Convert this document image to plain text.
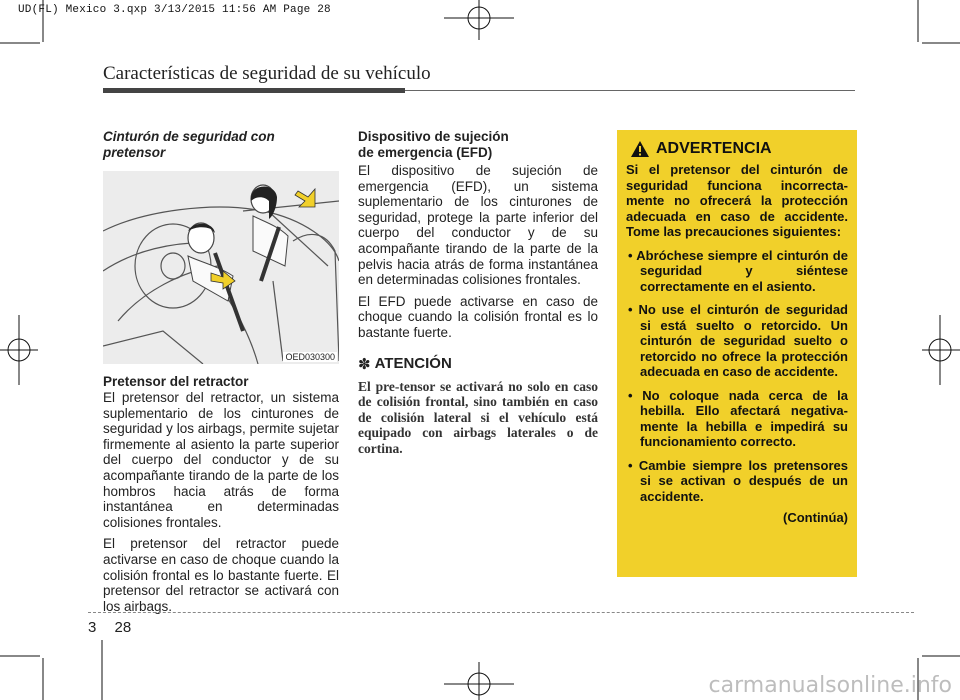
UD(FL) Mexico 3.qxp 3/13/2015 11:56 AM Page 28
Características de seguridad de su vehículo
Cinturón de seguridad con pretensor
OED030300
Pretensor del retractor

El pretensor del retractor, un sistema suplementario de los cinturones de seguridad y los airbags, permite sujetar firmemente al asiento la parte superior del cuerpo del conductor y de su acompañante tirando de la parte de los hombros hacia atrás de forma instantánea en determinadas colisiones frontales.

El pretensor del retractor puede activarse en caso de choque cuando la colisión frontal es lo bastante fuerte. El pretensor del retractor se activará con los airbags.

Dispositivo de sujeción
de emergencia (EFD)

El dispositivo de sujeción de emergencia (EFD), un sistema suplementario de los cinturones de seguridad, protege la parte inferior del cuerpo del conductor y de su acompañante tirando de la parte de la pelvis hacia atrás de forma instantánea en determinadas colisiones frontales.

El EFD puede activarse en caso de choque cuando la colisión frontal es lo bastante fuerte.

✽ ATENCIÓN

El pre-tensor se activará no solo en caso de colisión frontal, sino también en caso de colisión lateral si el vehículo está equipado con airbags laterales o de cortina.

ADVERTENCIA

Si el pretensor del cinturón de seguridad funciona incorrecta-mente no ofrecerá la protección adecuada en caso de accidente. Tome las precauciones siguientes:

• Abróchese siempre el cinturón de seguridad y siéntese correctamente en el asiento.
• No use el cinturón de seguridad si está suelto o retorcido. Un cinturón de seguridad suelto o retorcido no ofrece la protección adecuada en caso de accidente.
• No coloque nada cerca de la hebilla. Ello afectará negativa-mente la hebilla e impedirá su funcionamiento correcto.
• Cambie siempre los pretensores si se activan o después de un accidente.
(Continúa)
3 28
carmanualsonline.info
